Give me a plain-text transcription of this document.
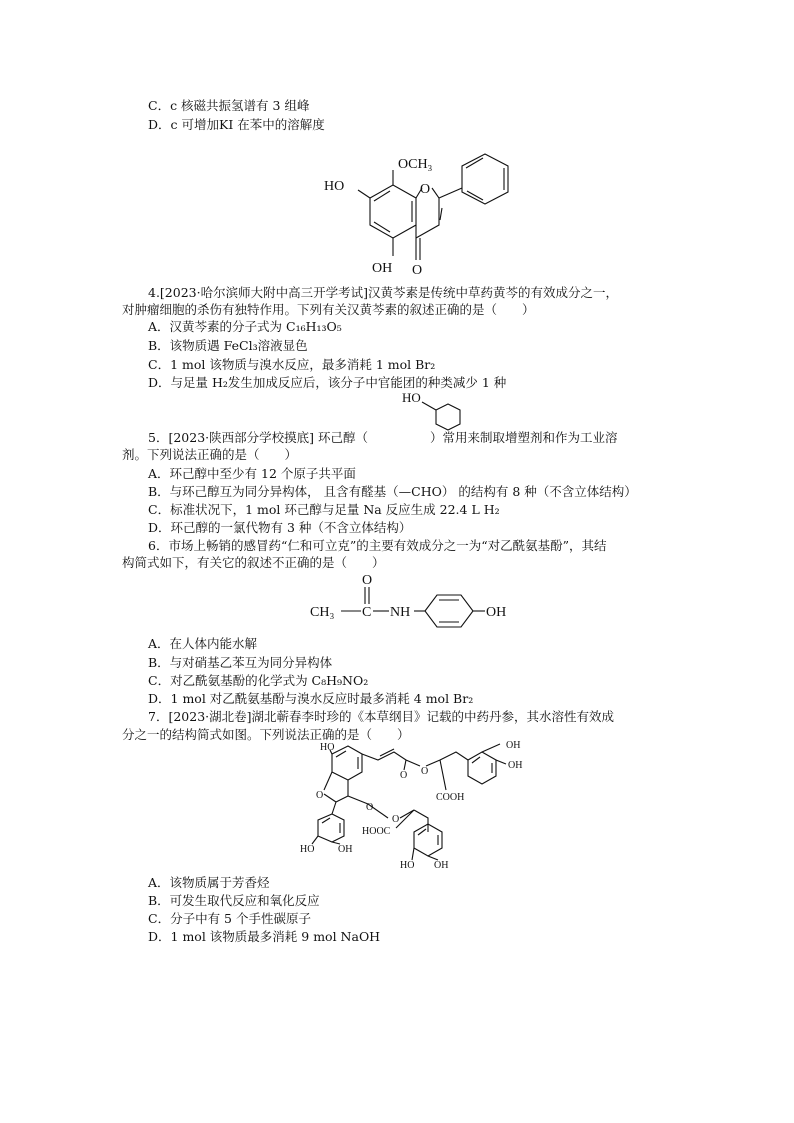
C．c 核磁共振氢谱有 3 组峰
D．c 可增加KI 在苯中的溶解度
OCH₃
HO	O
OH O
4.[2023·哈尔滨师大附中高三开学考试]汉黄芩素是传统中草药黄芩的有效成分之一，
对肿瘤细胞的杀伤有独特作用。下列有关汉黄芩素的叙述正确的是（　　）
A．汉黄芩素的分子式为 C₁₆H₁₃O₅
B．该物质遇 FeCl₃溶液显色
C．1 mol 该物质与溴水反应，最多消耗 1 mol Br₂
D．与足量 H₂发生加成反应后，该分子中官能团的种类减少 1 种
HO
5．[2023·陕西部分学校摸底] 环己醇（	）常用来制取增塑剂和作为工业溶
剂。下列说法正确的是（　　）
A．环己醇中至少有 12 个原子共平面
B．与环己醇互为同分异构体， 且含有醛基（—CHO） 的结构有 8 种（不含立体结构）
C．标准状况下，1 mol 环己醇与足量 Na 反应生成 22.4 L H₂
D．环己醇的一氯代物有 3 种（不含立体结构）
6．市场上畅销的感冒药“仁和可立克”的主要有效成分之一为“对乙酰氨基酚”，其结
构简式如下，有关它的叙述不正确的是（　　）
O
CH₃ C NH	OH
A．在人体内能水解
B．与对硝基乙苯互为同分异构体
C．对乙酰氨基酚的化学式为 C₈H₉NO₂
D．1 mol 对乙酰氨基酚与溴水反应时最多消耗 4 mol Br₂
7．[2023·湖北卷]湖北蕲春李时珍的《本草纲目》记载的中药丹参，其水溶性有效成
分之一的结构简式如图。下列说法正确的是（　　）
HO
O
O
O
OH
OH
COOH
O
O
HOOC
HO OH
HO OH
A．该物质属于芳香烃
B．可发生取代反应和氧化反应
C．分子中有 5 个手性碳原子
D．1 mol 该物质最多消耗 9 mol NaOH
